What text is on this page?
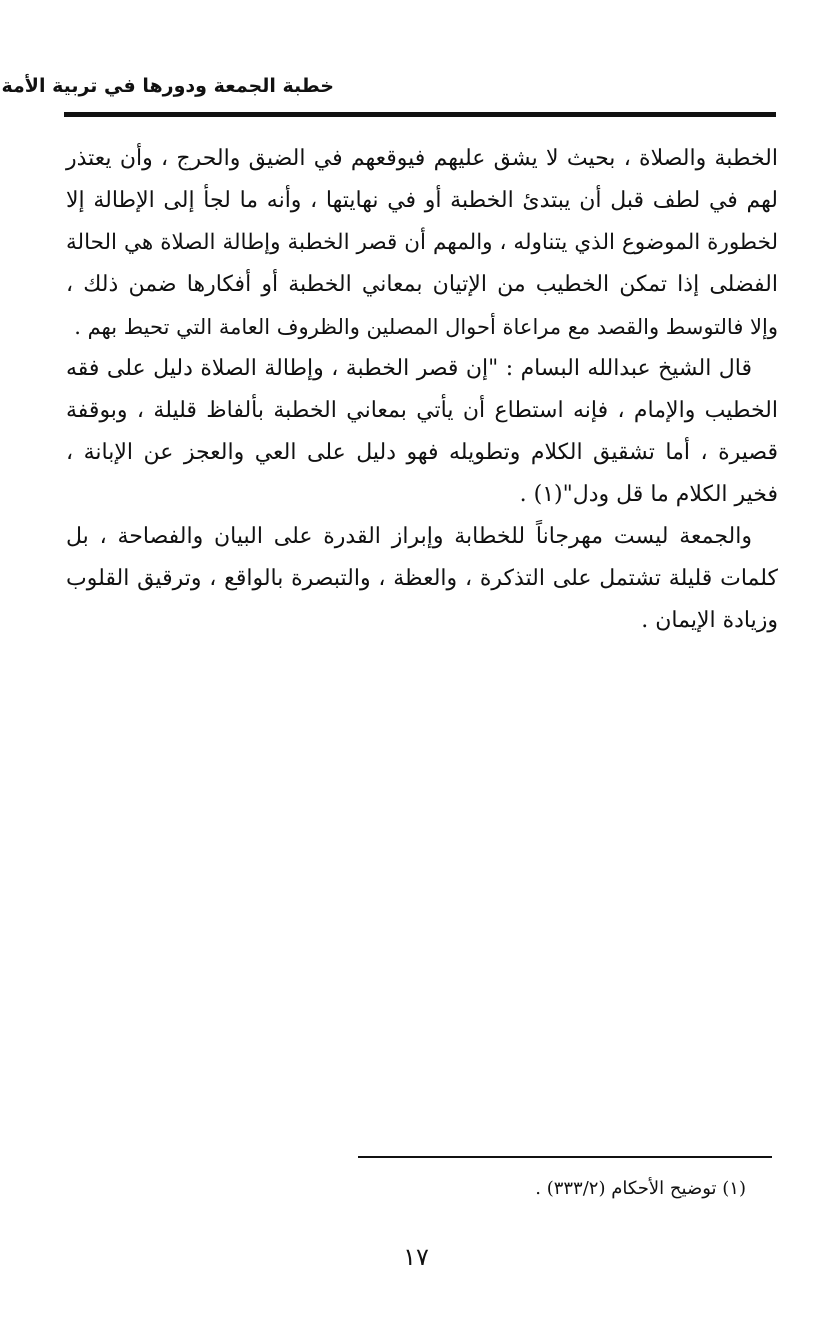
خطبة الجمعة ودورها في تربية الأمة

الخطبة والصلاة ، بحيث لا يشق عليهم فيوقعهم في الضيق والحرج ، وأن يعتذر
لهم في لطف قبل أن يبتدئ الخطبة أو في نهايتها ، وأنه ما لجأ إلى الإطالة إلا
لخطورة الموضوع الذي يتناوله ، والمهم أن قصر الخطبة وإطالة الصلاة هي الحالة
الفضلى إذا تمكن الخطيب من الإتيان بمعاني الخطبة أو أفكارها ضمن ذلك ،
وإلا فالتوسط والقصد مع مراعاة أحوال المصلين والظروف العامة التي تحيط بهم .

قال الشيخ عبدالله البسام : "إن قصر الخطبة ، وإطالة الصلاة دليل على فقه
الخطيب والإمام ، فإنه استطاع أن يأتي بمعاني الخطبة بألفاظ قليلة ، وبوقفة
قصيرة ، أما تشقيق الكلام وتطويله فهو دليل على العي والعجز عن الإبانة ،
فخير الكلام ما قل ودل"(١) .

والجمعة ليست مهرجاناً للخطابة وإبراز القدرة على البيان والفصاحة ، بل
كلمات قليلة تشتمل على التذكرة ، والعظة ، والتبصرة بالواقع ، وترقيق القلوب
وزيادة الإيمان .

(١) توضيح الأحكام (٣٣٣/٢) .
١٧
